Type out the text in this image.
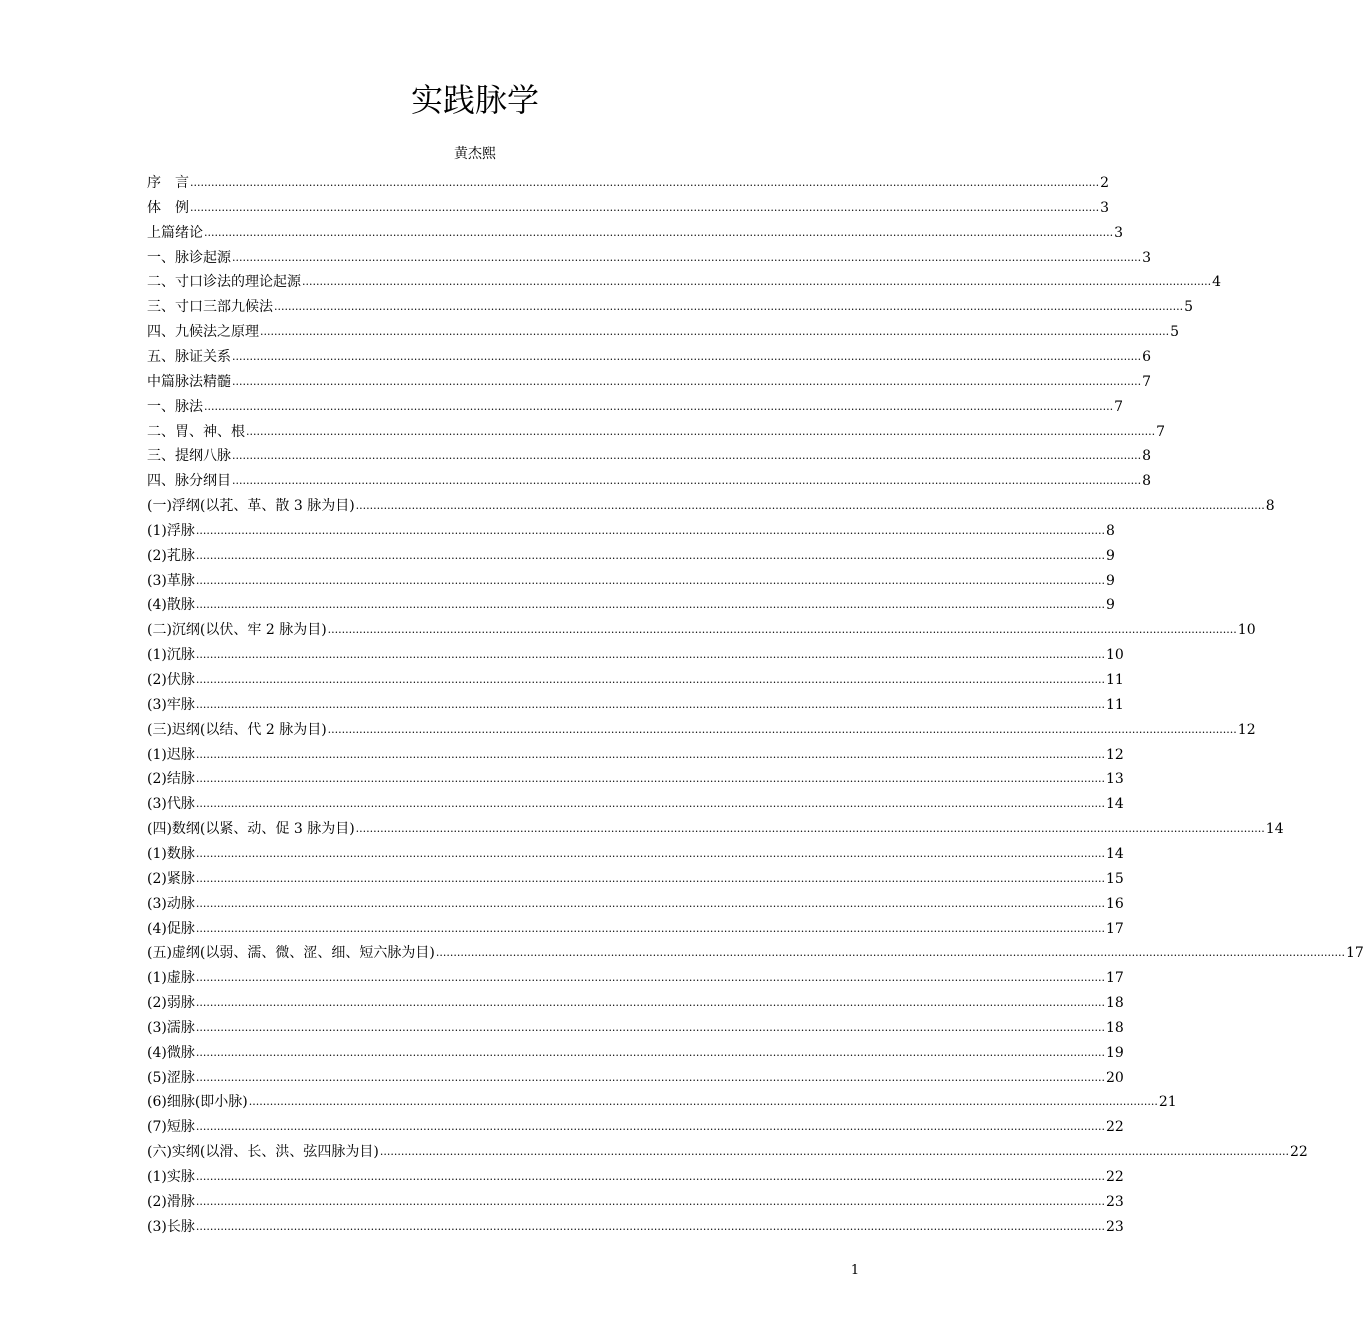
实践脉学
黄杰熙
序　言 .................................................................................................................................................................................................................................................................... 2
体　例 .................................................................................................................................................................................................................................................................... 3
上篇绪论 .................................................................................................................................................................................................................................................................... 3
一、脉诊起源 .................................................................................................................................................................................................................................................................... 3
二、寸口诊法的理论起源 .................................................................................................................................................................................................................................................................... 4
三、寸口三部九候法 .................................................................................................................................................................................................................................................................... 5
四、九候法之原理 .................................................................................................................................................................................................................................................................... 5
五、脉证关系 .................................................................................................................................................................................................................................................................... 6
中篇脉法精髓 .................................................................................................................................................................................................................................................................... 7
一、脉法 .................................................................................................................................................................................................................................................................... 7
二、胃、神、根 .................................................................................................................................................................................................................................................................... 7
三、提纲八脉 .................................................................................................................................................................................................................................................................... 8
四、脉分纲目 .................................................................................................................................................................................................................................................................... 8
(一)浮纲(以芤、革、散 3 脉为目) .................................................................................................................................................................................................................................................................... 8
(1)浮脉 .................................................................................................................................................................................................................................................................... 8
(2)芤脉 .................................................................................................................................................................................................................................................................... 9
(3)革脉 .................................................................................................................................................................................................................................................................... 9
(4)散脉 .................................................................................................................................................................................................................................................................... 9
(二)沉纲(以伏、牢 2 脉为目) .................................................................................................................................................................................................................................................................... 10
(1)沉脉 .................................................................................................................................................................................................................................................................... 10
(2)伏脉 .................................................................................................................................................................................................................................................................... 11
(3)牢脉 .................................................................................................................................................................................................................................................................... 11
(三)迟纲(以结、代 2 脉为目) .................................................................................................................................................................................................................................................................... 12
(1)迟脉 .................................................................................................................................................................................................................................................................... 12
(2)结脉 .................................................................................................................................................................................................................................................................... 13
(3)代脉 .................................................................................................................................................................................................................................................................... 14
(四)数纲(以紧、动、促 3 脉为目) .................................................................................................................................................................................................................................................................... 14
(1)数脉 .................................................................................................................................................................................................................................................................... 14
(2)紧脉 .................................................................................................................................................................................................................................................................... 15
(3)动脉 .................................................................................................................................................................................................................................................................... 16
(4)促脉 .................................................................................................................................................................................................................................................................... 17
(五)虚纲(以弱、濡、微、涩、细、短六脉为目) .................................................................................................................................................................................................................................................................... 17
(1)虚脉 .................................................................................................................................................................................................................................................................... 17
(2)弱脉 .................................................................................................................................................................................................................................................................... 18
(3)濡脉 .................................................................................................................................................................................................................................................................... 18
(4)微脉 .................................................................................................................................................................................................................................................................... 19
(5)涩脉 .................................................................................................................................................................................................................................................................... 20
(6)细脉(即小脉) .................................................................................................................................................................................................................................................................... 21
(7)短脉 .................................................................................................................................................................................................................................................................... 22
(六)实纲(以滑、长、洪、弦四脉为目) .................................................................................................................................................................................................................................................................... 22
(1)实脉 .................................................................................................................................................................................................................................................................... 22
(2)滑脉 .................................................................................................................................................................................................................................................................... 23
(3)长脉 .................................................................................................................................................................................................................................................................... 23
1
